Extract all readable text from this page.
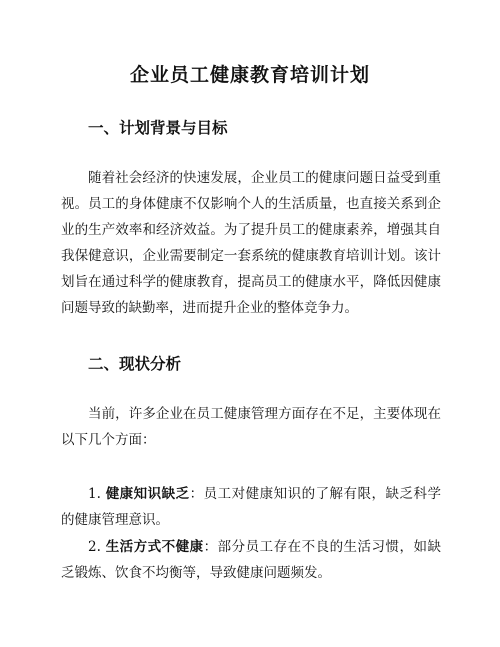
企业员工健康教育培训计划
一、计划背景与目标

随着社会经济的快速发展，企业员工的健康问题日益受到重视。员工的身体健康不仅影响个人的生活质量，也直接关系到企业的生产效率和经济效益。为了提升员工的健康素养，增强其自我保健意识，企业需要制定一套系统的健康教育培训计划。该计划旨在通过科学的健康教育，提高员工的健康水平，降低因健康问题导致的缺勤率，进而提升企业的整体竞争力。

二、现状分析

当前，许多企业在员工健康管理方面存在不足，主要体现在以下几个方面：

1. 健康知识缺乏：员工对健康知识的了解有限，缺乏科学的健康管理意识。

2. 生活方式不健康：部分员工存在不良的生活习惯，如缺乏锻炼、饮食不均衡等，导致健康问题频发。
